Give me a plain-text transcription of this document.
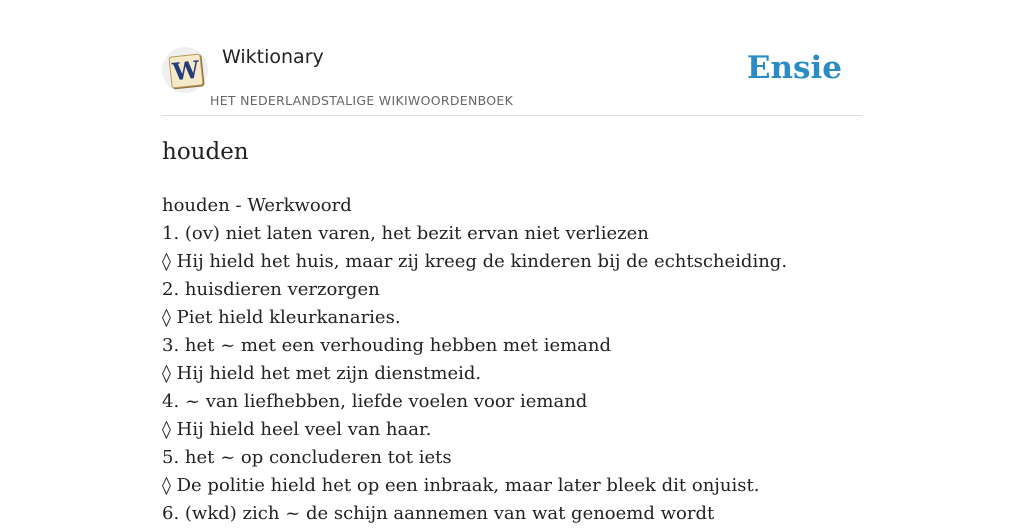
W Wiktionary
HET NEDERLANDSTALIGE WIKIWOORDENBOEK
Ensie
houden
houden - Werkwoord
1. (ov) niet laten varen, het bezit ervan niet verliezen
◊ Hij hield het huis, maar zij kreeg de kinderen bij de echtscheiding.
2. huisdieren verzorgen
◊ Piet hield kleurkanaries.
3. het ~ met een verhouding hebben met iemand
◊ Hij hield het met zijn dienstmeid.
4. ~ van liefhebben, liefde voelen voor iemand
◊ Hij hield heel veel van haar.
5. het ~ op concluderen tot iets
◊ De politie hield het op een inbraak, maar later bleek dit onjuist.
6. (wkd) zich ~ de schijn aannemen van wat genoemd wordt
